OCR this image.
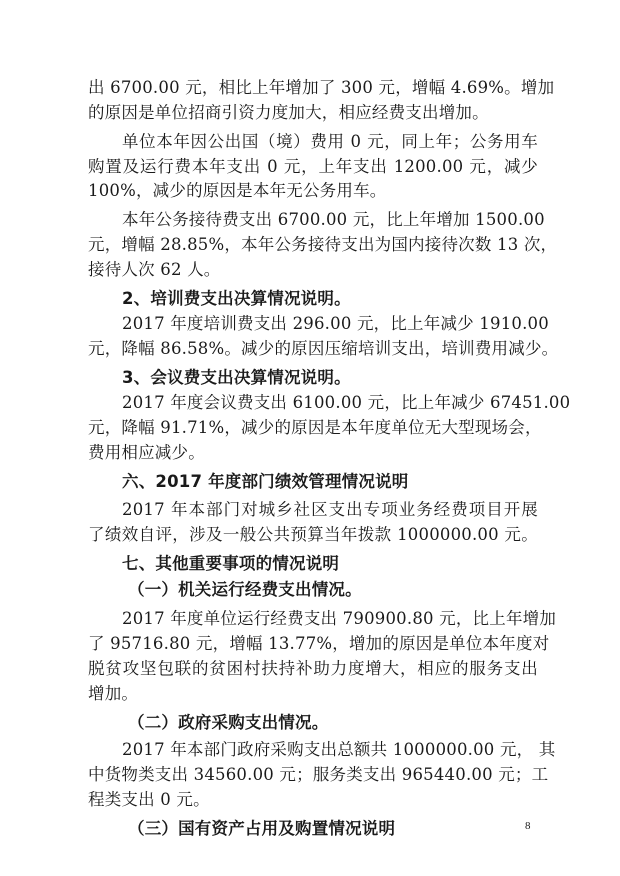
出 6700.00 元，相比上年增加了 300 元，增幅 4.69%。增加
的原因是单位招商引资力度加大，相应经费支出增加。
单位本年因公出国（境）费用 0 元，同上年；公务用车
购置及运行费本年支出 0 元，上年支出 1200.00 元，减少
100%，减少的原因是本年无公务用车。
本年公务接待费支出 6700.00 元，比上年增加 1500.00
元，增幅 28.85%，本年公务接待支出为国内接待次数 13 次，
接待人次 62 人。
2、培训费支出决算情况说明。
2017 年度培训费支出 296.00 元，比上年减少 1910.00
元，降幅 86.58%。减少的原因压缩培训支出，培训费用减少。
3、会议费支出决算情况说明。
2017 年度会议费支出 6100.00 元，比上年减少 67451.00
元，降幅 91.71%，减少的原因是本年度单位无大型现场会，
费用相应减少。
六、2017 年度部门绩效管理情况说明
2017 年本部门对城乡社区支出专项业务经费项目开展
了绩效自评，涉及一般公共预算当年拨款 1000000.00 元。
七、其他重要事项的情况说明
（一）机关运行经费支出情况。
2017 年度单位运行经费支出 790900.80 元，比上年增加
了 95716.80 元，增幅 13.77%，增加的原因是单位本年度对
脱贫攻坚包联的贫困村扶持补助力度增大，相应的服务支出
增加。
（二）政府采购支出情况。
2017 年本部门政府采购支出总额共 1000000.00 元， 其
中货物类支出 34560.00 元；服务类支出 965440.00 元；工
程类支出 0 元。
（三）国有资产占用及购置情况说明	8
